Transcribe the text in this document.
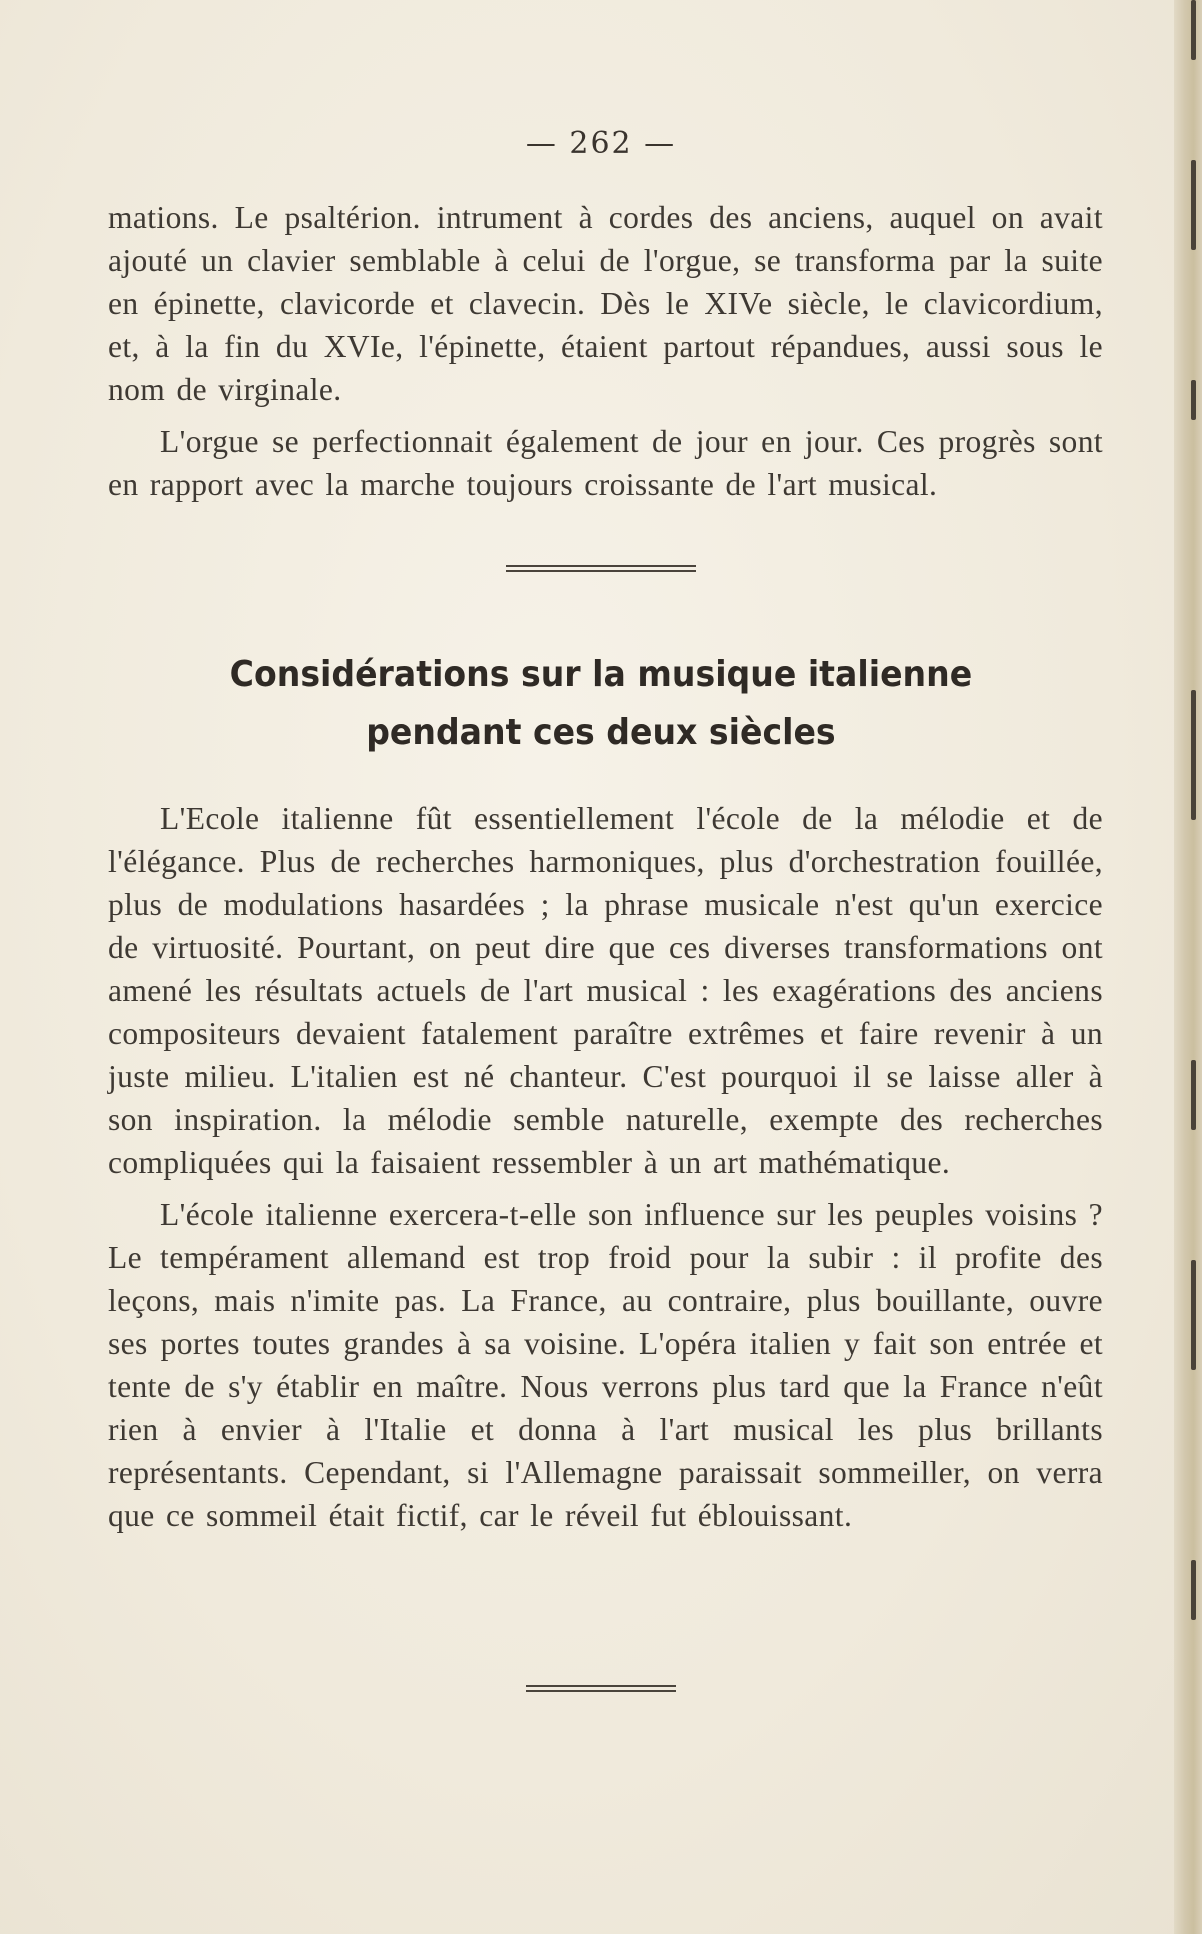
— 262 —

mations. Le psaltérion. intrument à cordes des anciens, auquel on avait ajouté un clavier semblable à celui de l'orgue, se transforma par la suite en épinette, clavicorde et clavecin. Dès le XIVe siècle, le clavicordium, et, à la fin du XVIe, l'épinette, étaient partout répandues, aussi sous le nom de virginale.

L'orgue se perfectionnait également de jour en jour. Ces progrès sont en rapport avec la marche toujours croissante de l'art musical.

Considérations sur la musique italienne
pendant ces deux siècles

L'Ecole italienne fût essentiellement l'école de la mélodie et de l'élégance. Plus de recherches harmoniques, plus d'orchestration fouillée, plus de modulations hasardées ; la phrase musicale n'est qu'un exercice de virtuosité. Pourtant, on peut dire que ces diverses transformations ont amené les résultats actuels de l'art musical : les exagérations des anciens compositeurs devaient fatalement paraître extrêmes et faire revenir à un juste milieu. L'italien est né chanteur. C'est pourquoi il se laisse aller à son inspiration. la mélodie semble naturelle, exempte des recherches compliquées qui la faisaient ressembler à un art mathématique.

L'école italienne exercera-t-elle son influence sur les peuples voisins ? Le tempérament allemand est trop froid pour la subir : il profite des leçons, mais n'imite pas. La France, au contraire, plus bouillante, ouvre ses portes toutes grandes à sa voisine. L'opéra italien y fait son entrée et tente de s'y établir en maître. Nous verrons plus tard que la France n'eût rien à envier à l'Italie et donna à l'art musical les plus brillants représentants. Cependant, si l'Allemagne paraissait sommeiller, on verra que ce sommeil était fictif, car le réveil fut éblouissant.
